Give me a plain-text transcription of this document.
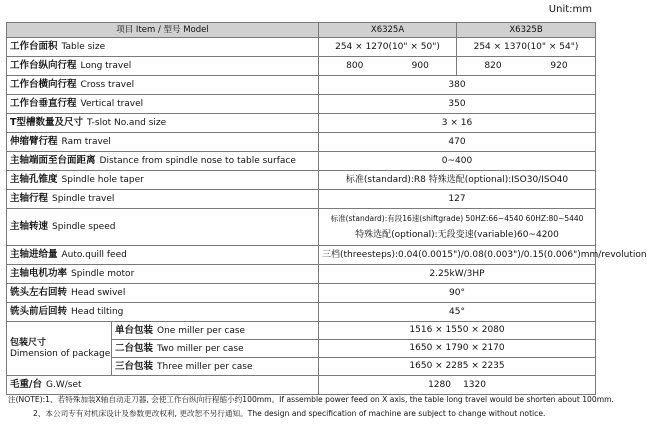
Unit:mm
项目 Item / 型号 Model		X6325A	X6325B
工作台面积 Table size		254 × 1270(10" × 50")	254 × 1370(10" × 54")
工作台纵向行程 Long travel		800 900	820 920

工作台横向行程 Cross travel		380	
工作台垂直行程 Vertical travel		350	
T型槽数量及尺寸 T-slot No.and size		3 × 16	
伸缩臂行程 Ram travel		470	
主轴端面至台面距离 Distance from spindle nose to table surface		0~400	
主轴孔锥度 Spindle hole taper		标准(standard):R8 特殊选配(optional):ISO30/ISO40	
主轴行程 Spindle travel		127	
主轴转速 Spindle speed		标准(standard):有段16速(shiftgrade) 50HZ:66~4540 60HZ:80~5440
特殊选配(optional):无段变速(variable)60~4200	

主轴进给量 Auto.quill feed		三档(threesteps):0.04(0.0015")/0.08(0.003")/0.15(0.006")mm/revolution	
主轴电机功率 Spindle motor		2.25kW/3HP	
铣头左右回转 Head swivel		90°	
铣头前后回转 Head tilting		45°	

包装尺寸
Dimension of package	单台包装 One miller per case	1516 × 1550 × 2080	
	二台包装 Two miller per case	1650 × 1790 × 2170	
	三台包装 Three miller per case	1650 × 2285 × 2235	
毛重/台 G.W/set		1280 1320	
注(NOTE):1、若特殊加装X轴自动走刀器, 会使工作台纵向行程缩小约100mm。If assemble power feed on X axis, the table long travel would be shorten about 100mm.
2、本公司专有对机床设计及参数更改权利, 更改恕不另行通知。The design and specification of machine are subject to change without notice.
